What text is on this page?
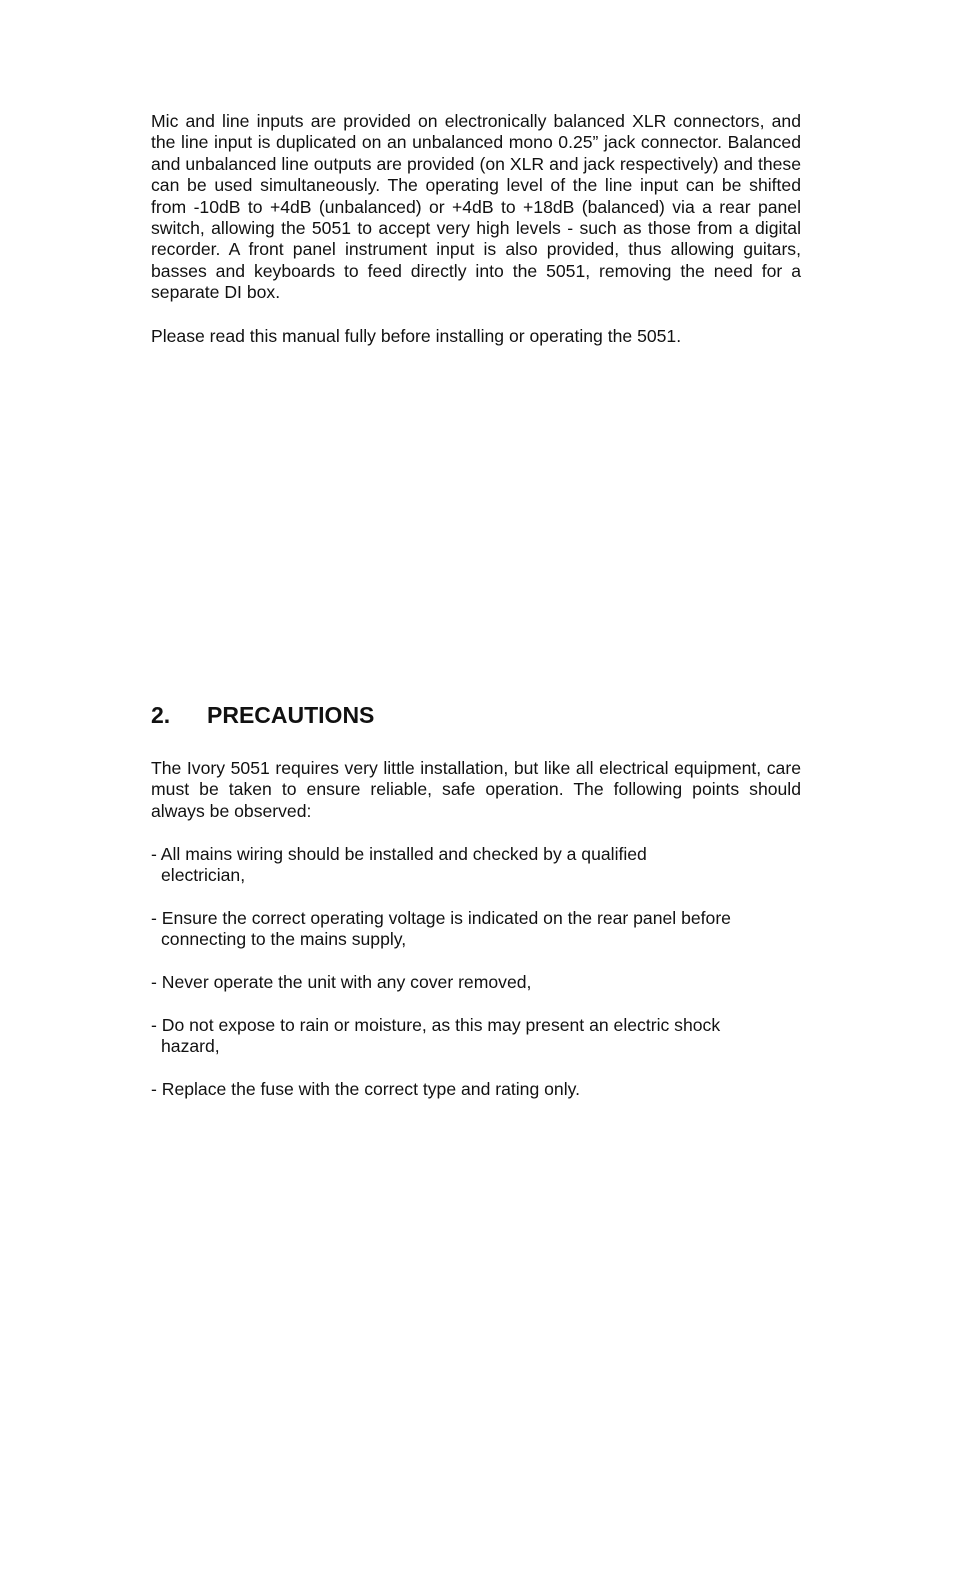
Mic and line inputs are provided on electronically balanced XLR connectors, and the line input is duplicated on an unbalanced mono 0.25” jack connector. Balanced and unbalanced line outputs are provided (on XLR and jack respectively) and these can be used simultaneously. The operating level of the line input can be shifted from -10dB to +4dB (unbalanced) or +4dB to +18dB (balanced) via a rear panel switch, allowing the 5051 to accept very high levels - such as those from a digital recorder. A front panel instrument input is also provided, thus allowing guitars, basses and keyboards to feed directly into the 5051, removing the need for a separate DI box.

Please read this manual fully before installing or operating the 5051.

2. PRECAUTIONS

The Ivory 5051 requires very little installation, but like all electrical equipment, care must be taken to ensure reliable, safe operation. The following points should always be observed:

- All mains wiring should be installed and checked by a qualified electrician,

- Ensure the correct operating voltage is indicated on the rear panel before connecting to the mains supply,

- Never operate the unit with any cover removed,

- Do not expose to rain or moisture, as this may present an electric shock hazard,

- Replace the fuse with the correct type and rating only.
